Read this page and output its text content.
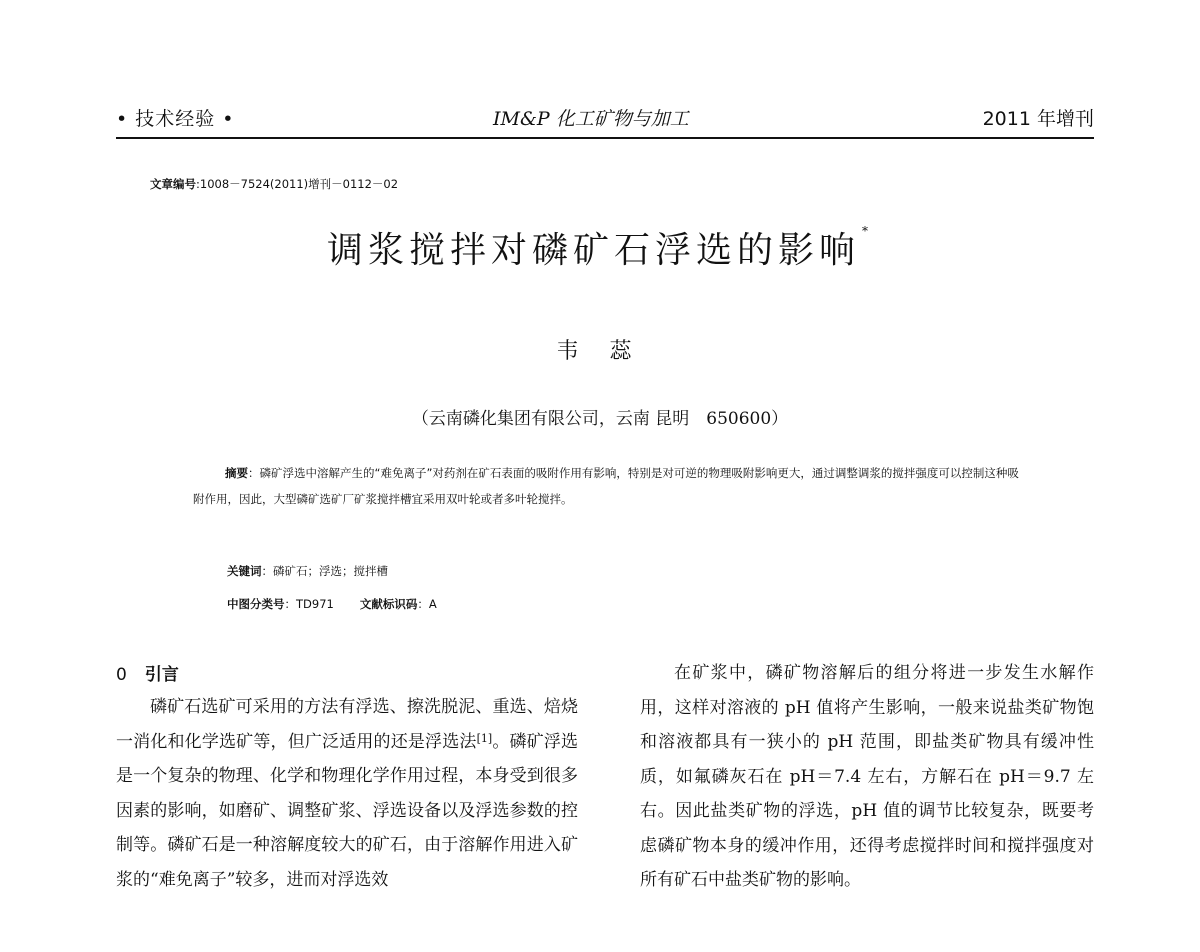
• 技术经验 •	IM&P 化工矿物与加工	2011 年增刊
文章编号:1008－7524(2011)增刊－0112－02
调浆搅拌对磷矿石浮选的影响 *
韦 蕊
（云南磷化集团有限公司，云南 昆明　650600）
摘要：磷矿浮选中溶解产生的“难免离子”对药剂在矿石表面的吸附作用有影响，特别是对可逆的物理吸附影响更大，通过调整调浆的搅拌强度可以控制这种吸附作用，因此，大型磷矿选矿厂矿浆搅拌槽宜采用双叶轮或者多叶轮搅拌。
关键词：磷矿石；浮选；搅拌槽
中图分类号：TD971 文献标识码：A
0 引言

磷矿石选矿可采用的方法有浮选、擦洗脱泥、重选、焙烧一消化和化学选矿等，但广泛适用的还是浮选法[1]。磷矿浮选是一个复杂的物理、化学和物理化学作用过程，本身受到很多因素的影响，如磨矿、调整矿浆、浮选设备以及浮选参数的控制等。磷矿石是一种溶解度较大的矿石，由于溶解作用进入矿浆的“难免离子”较多，进而对浮选效

在矿浆中，磷矿物溶解后的组分将进一步发生水解作用，这样对溶液的 pH 值将产生影响，一般来说盐类矿物饱和溶液都具有一狭小的 pH 范围，即盐类矿物具有缓冲性质，如氟磷灰石在 pH＝7.4 左右，方解石在 pH＝9.7 左右。因此盐类矿物的浮选，pH 值的调节比较复杂，既要考虑磷矿物本身的缓冲作用，还得考虑搅拌时间和搅拌强度对所有矿石中盐类矿物的影响。
